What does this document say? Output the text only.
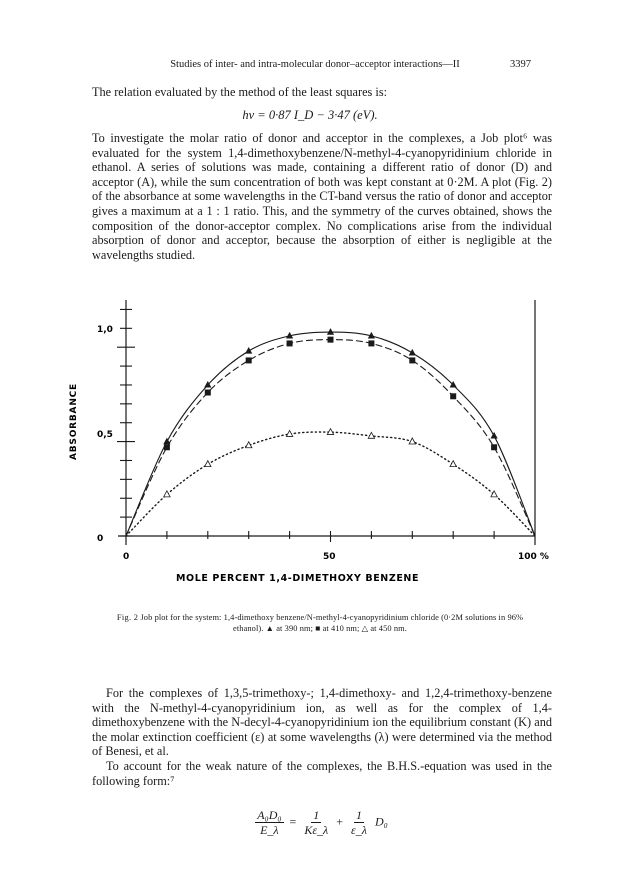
Studies of inter- and intra-molecular donor–acceptor interactions—II	3397

The relation evaluated by the method of the least squares is:

hν = 0·87 I_D − 3·47 (eV).

To investigate the molar ratio of donor and acceptor in the complexes, a Job plot⁶ was evaluated for the system 1,4-dimethoxybenzene/N-methyl-4-cyanopyridinium chloride in ethanol. A series of solutions was made, containing a different ratio of donor (D) and acceptor (A), while the sum concentration of both was kept constant at 0·2M. A plot (Fig. 2) of the absorbance at some wavelengths in the CT-band versus the ratio of donor and acceptor gives a maximum at a 1 : 1 ratio. This, and the symmetry of the curves obtained, shows the composition of the donor-acceptor complex. No complications arise from the individual absorption of donor and acceptor, because the absorption of either is negligible at the wavelengths studied.

0
0,5
1,0
0	50	100 %
ABSORBANCE
MOLE PERCENT 1,4-DIMETHOXY BENZENE
Fig. 2 Job plot for the system: 1,4-dimethoxy benzene/N-methyl-4-cyanopyridinium chloride (0·2M solutions in 96% ethanol). ▲ at 390 nm; ■ at 410 nm; △ at 450 nm.

For the complexes of 1,3,5-trimethoxy-; 1,4-dimethoxy- and 1,2,4-trimethoxy-benzene with the N-methyl-4-cyanopyridinium ion, as well as for the complex of 1,4-dimethoxybenzene with the N-decyl-4-cyanopyridinium ion the equilibrium constant (K) and the molar extinction coefficient (ε) at some wavelengths (λ) were determined via the method of Benesi, et al.

To account for the weak nature of the complexes, the B.H.S.-equation was used in the following form:⁷

$\frac{\text{A₀D₀}}{E\_\lambda} = \frac{1}{K\varepsilon\_\lambda} + \frac{1}{\varepsilon\_\lambda} D_0$
